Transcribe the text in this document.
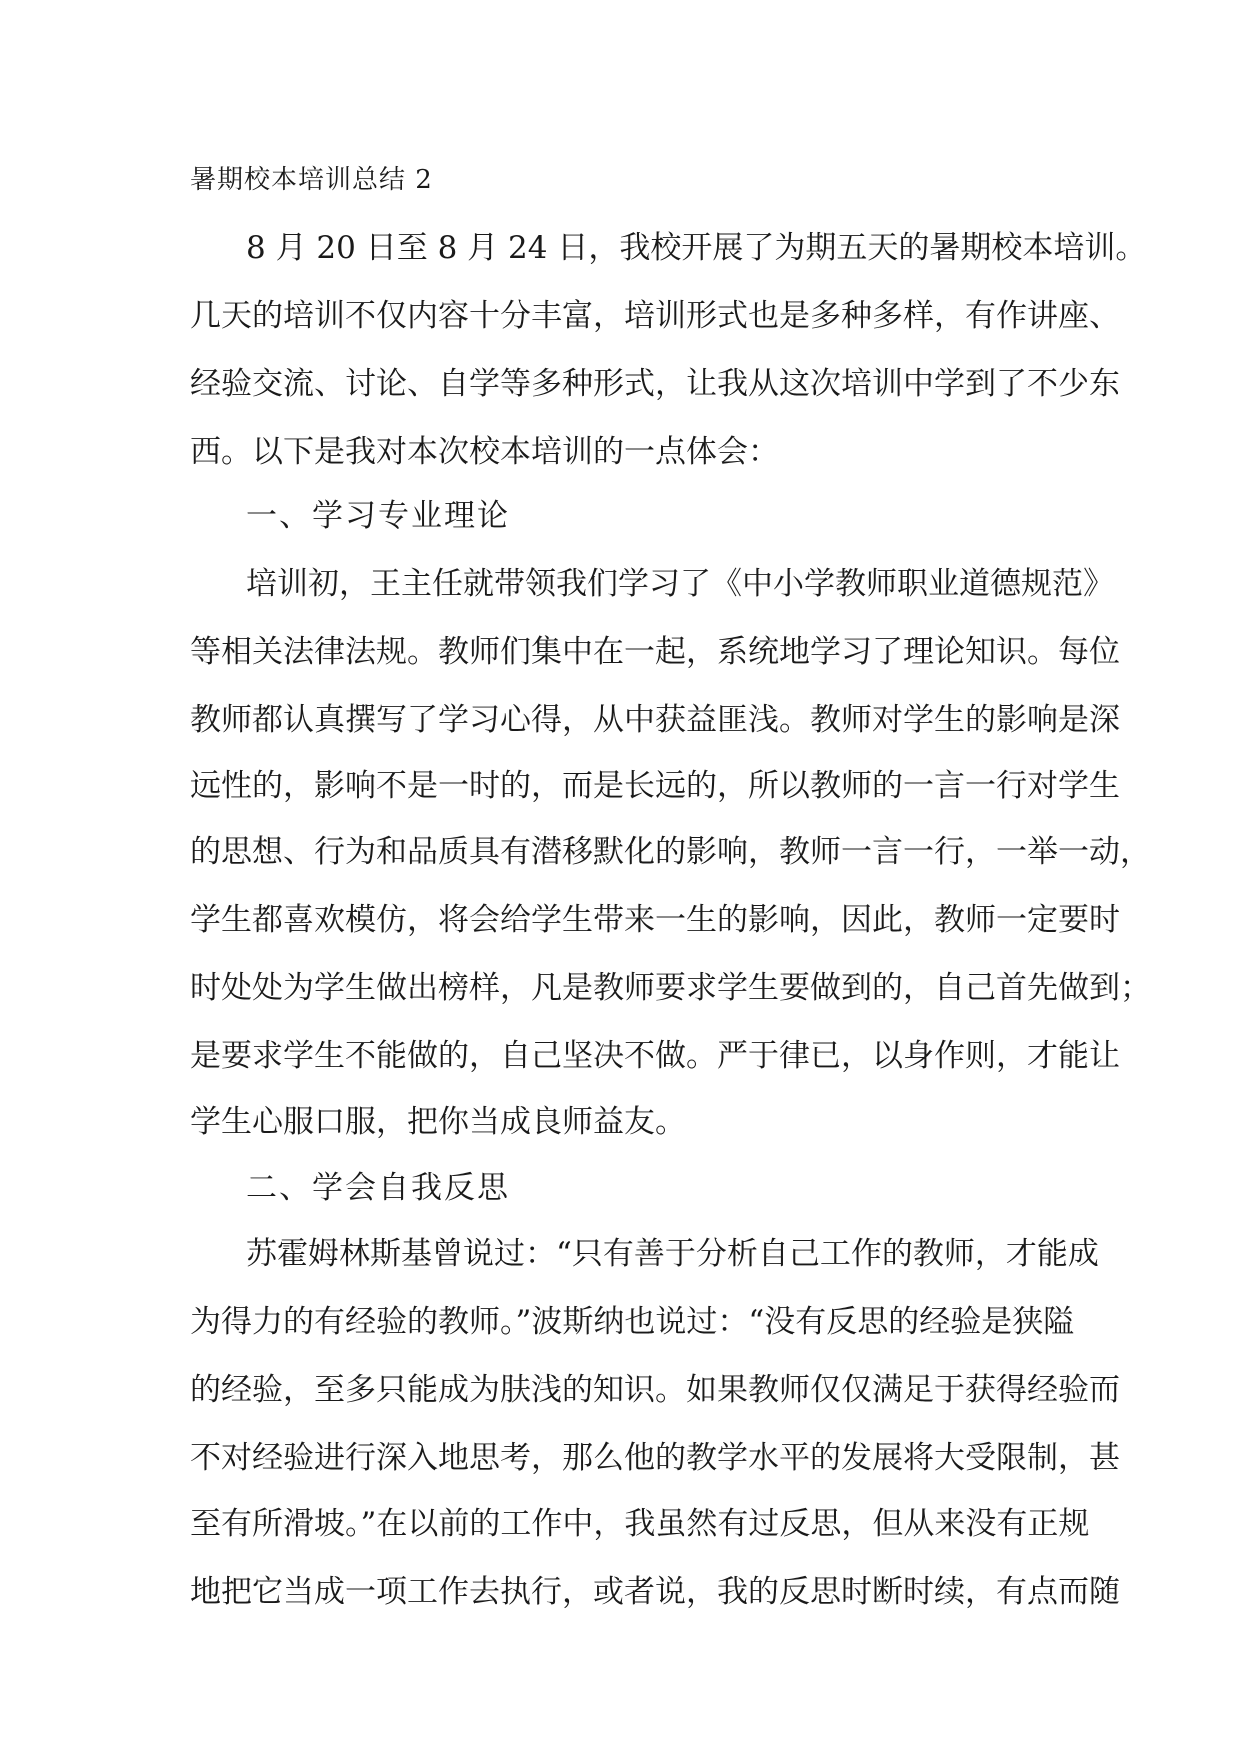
暑期校本培训总结 2
8 月 20 日至 8 月 24 日，我校开展了为期五天的暑期校本培训。
几天的培训不仅内容十分丰富，培训形式也是多种多样，有作讲座、
经验交流、讨论、自学等多种形式，让我从这次培训中学到了不少东
西。以下是我对本次校本培训的一点体会：
一、学习专业理论
培训初，王主任就带领我们学习了《中小学教师职业道德规范》
等相关法律法规。教师们集中在一起，系统地学习了理论知识。每位
教师都认真撰写了学习心得，从中获益匪浅。教师对学生的影响是深
远性的，影响不是一时的，而是长远的，所以教师的一言一行对学生
的思想、行为和品质具有潜移默化的影响，教师一言一行，一举一动，
学生都喜欢模仿，将会给学生带来一生的影响，因此，教师一定要时
时处处为学生做出榜样，凡是教师要求学生要做到的，自己首先做到；
是要求学生不能做的，自己坚决不做。严于律已，以身作则，才能让
学生心服口服，把你当成良师益友。
二、学会自我反思
苏霍姆林斯基曾说过：“只有善于分析自己工作的教师，才能成
为得力的有经验的教师。”波斯纳也说过：“没有反思的经验是狭隘
的经验，至多只能成为肤浅的知识。如果教师仅仅满足于获得经验而
不对经验进行深入地思考，那么他的教学水平的发展将大受限制，甚
至有所滑坡。”在以前的工作中，我虽然有过反思，但从来没有正规
地把它当成一项工作去执行，或者说，我的反思时断时续，有点而随
